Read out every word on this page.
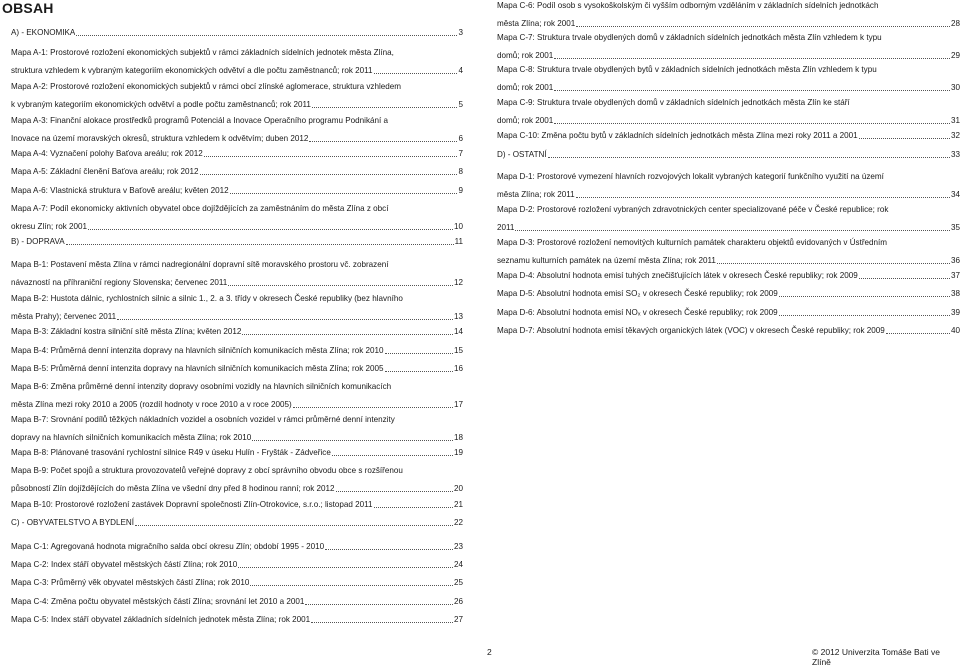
OBSAH
A) - EKONOMIKA	3
Mapa A-1: Prostorové rozložení ekonomických subjektů v rámci základních sídelních jednotek města Zlína,
struktura vzhledem k vybraným kategoriím ekonomických odvětví a dle počtu zaměstnanců; rok 2011	4
Mapa A-2: Prostorové rozložení ekonomických subjektů v rámci obcí zlínské aglomerace, struktura vzhledem
k vybraným kategoriím ekonomických odvětví a podle počtu zaměstnanců; rok 2011	5
Mapa A-3: Finanční alokace prostředků programů Potenciál a Inovace Operačního programu Podnikání a
Inovace na území moravských okresů, struktura vzhledem k odvětvím; duben 2012	6
Mapa A-4: Vyznačení polohy Baťova areálu; rok 2012	7
Mapa A-5: Základní členění Baťova areálu; rok 2012	8
Mapa A-6: Vlastnická struktura v Baťově areálu; květen 2012	9
Mapa A-7: Podíl ekonomicky aktivních obyvatel obce dojíždějících za zaměstnáním do města Zlína z obcí
okresu Zlín; rok 2001	10
B) - DOPRAVA	11
Mapa B-1: Postavení města Zlína v rámci nadregionální dopravní sítě moravského prostoru vč. zobrazení
návazností na příhraniční regiony Slovenska; červenec 2011	12
Mapa B-2: Hustota dálnic, rychlostních silnic a silnic 1., 2. a 3. třídy v okresech České republiky (bez hlavního
města Prahy); červenec 2011	13
Mapa B-3: Základní kostra silniční sítě města Zlína; květen 2012	14
Mapa B-4: Průměrná denní intenzita dopravy na hlavních silničních komunikacích města Zlína; rok 2010	15
Mapa B-5: Průměrná denní intenzita dopravy na hlavních silničních komunikacích města Zlína; rok 2005	16
Mapa B-6: Změna průměrné denní intenzity dopravy osobními vozidly na hlavních silničních komunikacích
města Zlína mezi roky 2010 a 2005 (rozdíl hodnoty v roce 2010 a v roce 2005)	17
Mapa B-7: Srovnání podílů těžkých nákladních vozidel a osobních vozidel v rámci průměrné denní intenzity
dopravy na hlavních silničních komunikacích města Zlína; rok 2010	18
Mapa B-8: Plánované trasování rychlostní silnice R49 v úseku Hulín - Fryšták - Zádveřice	19
Mapa B-9: Počet spojů a struktura provozovatelů veřejné dopravy z obcí správního obvodu obce s rozšířenou
působností Zlín dojíždějících do města Zlína ve všední dny před 8 hodinou ranní; rok 2012	20
Mapa B-10: Prostorové rozložení zastávek Dopravní společnosti Zlín-Otrokovice, s.r.o.; listopad 2011	21
C) - OBYVATELSTVO A BYDLENÍ	22
Mapa C-1: Agregovaná hodnota migračního salda obcí okresu Zlín; období 1995 - 2010	23
Mapa C-2: Index stáří obyvatel městských částí Zlína; rok 2010	24
Mapa C-3: Průměrný věk obyvatel městských částí Zlína; rok 2010	25
Mapa C-4: Změna počtu obyvatel městských částí Zlína; srovnání let 2010 a 2001	26
Mapa C-5: Index stáří obyvatel základních sídelních jednotek města Zlína; rok 2001	27
Mapa C-6: Podíl osob s vysokoškolským či vyšším odborným vzděláním v základních sídelních jednotkách
města Zlína; rok 2001	28
Mapa C-7: Struktura trvale obydlených domů v základních sídelních jednotkách města Zlín vzhledem k typu
domů; rok 2001	29
Mapa C-8: Struktura trvale obydlených bytů v základních sídelních jednotkách města Zlín vzhledem k typu
domů; rok 2001	30
Mapa C-9: Struktura trvale obydlených domů v základních sídelních jednotkách města Zlín ke stáří
domů; rok 2001	31
Mapa C-10: Změna počtu bytů v základních sídelních jednotkách města Zlína mezi roky 2011 a 2001	32
D) - OSTATNÍ	33
Mapa D-1: Prostorové vymezení hlavních rozvojových lokalit vybraných kategorií funkčního využití na území
města Zlína; rok 2011	34
Mapa D-2: Prostorové rozložení vybraných zdravotnických center specializované péče v České republice; rok
2011	35
Mapa D-3: Prostorové rozložení nemovitých kulturních památek charakteru objektů evidovaných v Ústředním
seznamu kulturních památek na území města Zlína; rok 2011	36
Mapa D-4: Absolutní hodnota emisí tuhých znečišťujících látek v okresech České republiky; rok 2009	37
Mapa D-5: Absolutní hodnota emisí SO₂ v okresech České republiky; rok 2009	38
Mapa D-6: Absolutní hodnota emisí NOₓ v okresech České republiky; rok 2009	39
Mapa D-7: Absolutní hodnota emisí těkavých organických látek (VOC) v okresech České republiky; rok 2009	40
2	© 2012 Univerzita Tomáše Bati ve Zlíně
